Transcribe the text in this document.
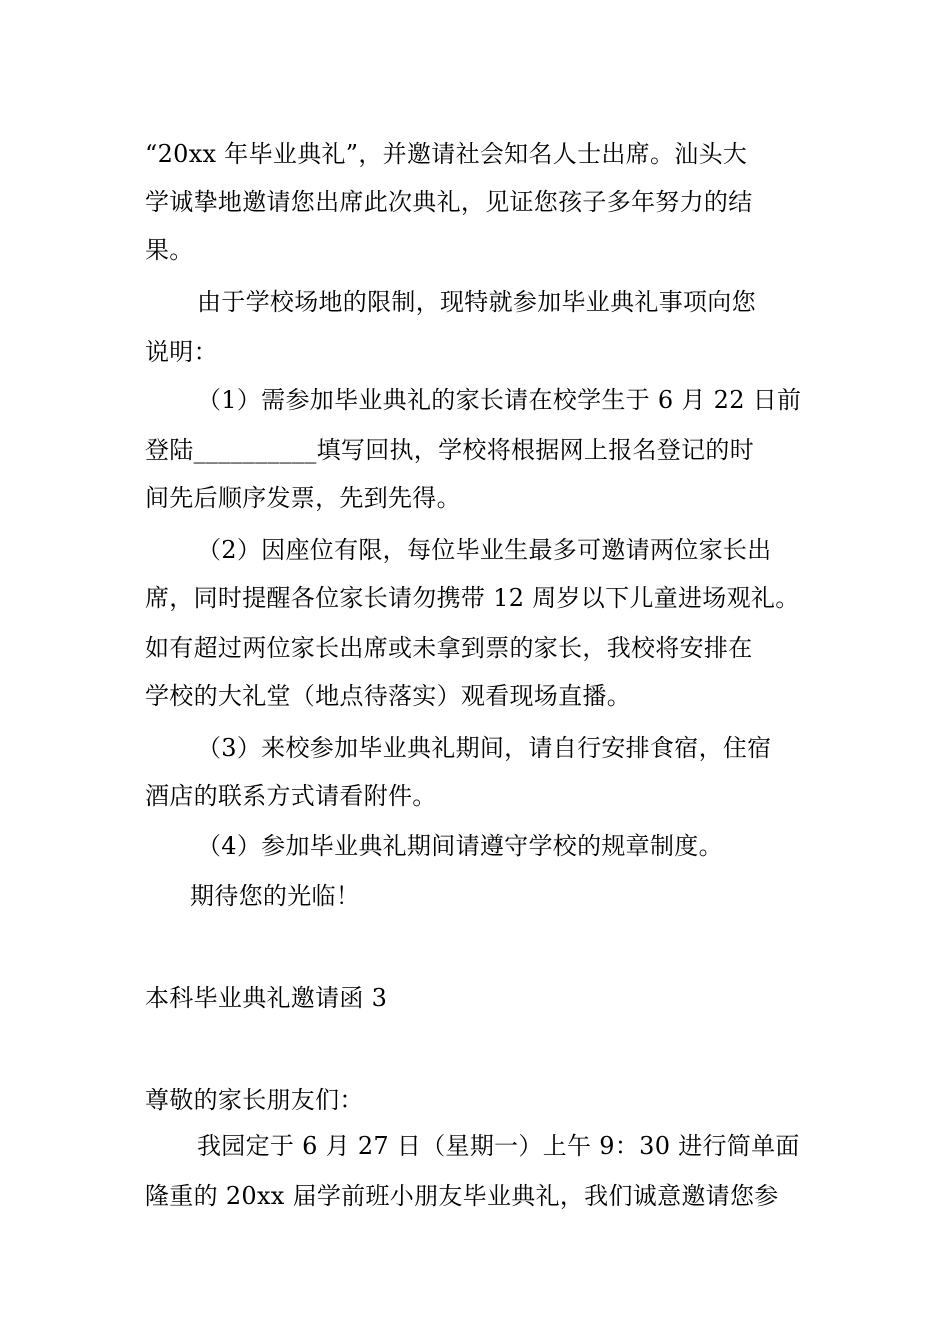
“20xx 年毕业典礼”，并邀请社会知名人士出席。汕头大
学诚挚地邀请您出席此次典礼，见证您孩子多年努力的结
果。
由于学校场地的限制，现特就参加毕业典礼事项向您
说明：
（1）需参加毕业典礼的家长请在校学生于 6 月 22 日前
登陆__________填写回执，学校将根据网上报名登记的时
间先后顺序发票，先到先得。
（2）因座位有限，每位毕业生最多可邀请两位家长出
席，同时提醒各位家长请勿携带 12 周岁以下儿童进场观礼。
如有超过两位家长出席或未拿到票的家长，我校将安排在
学校的大礼堂（地点待落实）观看现场直播。
（3）来校参加毕业典礼期间，请自行安排食宿，住宿
酒店的联系方式请看附件。
（4）参加毕业典礼期间请遵守学校的规章制度。
期待您的光临！
本科毕业典礼邀请函 3
尊敬的家长朋友们：
我园定于 6 月 27 日（星期一）上午 9：30 进行简单面
隆重的 20xx 届学前班小朋友毕业典礼，我们诚意邀请您参
